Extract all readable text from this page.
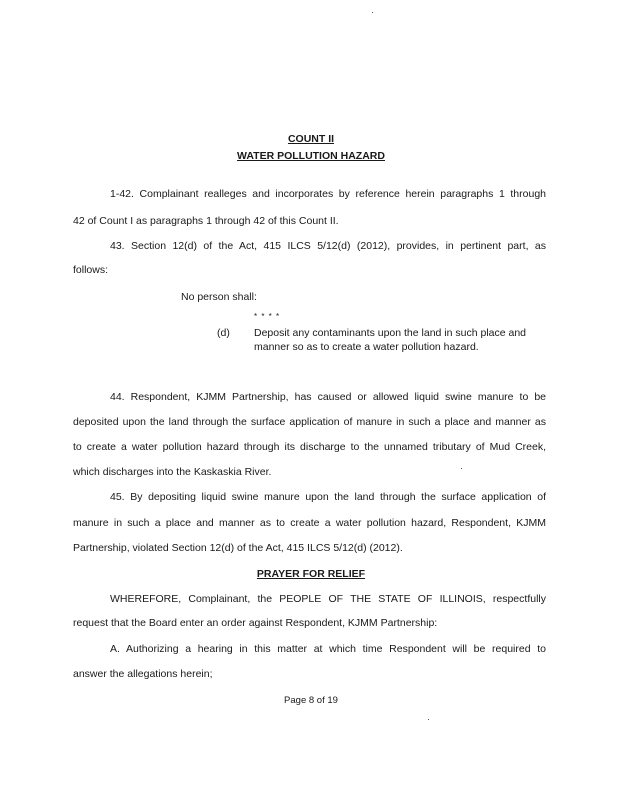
COUNT II
WATER POLLUTION HAZARD
1-42. Complainant realleges and incorporates by reference herein paragraphs 1 through
42 of Count I as paragraphs 1 through 42 of this Count II.
43. Section 12(d) of the Act, 415 ILCS 5/12(d) (2012), provides, in pertinent part, as
follows:
No person shall:
* * * *
(d) Deposit any contaminants upon the land in such place and
manner so as to create a water pollution hazard.
44. Respondent, KJMM Partnership, has caused or allowed liquid swine manure to be
deposited upon the land through the surface application of manure in such a place and manner as
to create a water pollution hazard through its discharge to the unnamed tributary of Mud Creek,
which discharges into the Kaskaskia River.
45. By depositing liquid swine manure upon the land through the surface application of
manure in such a place and manner as to create a water pollution hazard, Respondent, KJMM
Partnership, violated Section 12(d) of the Act, 415 ILCS 5/12(d) (2012).
PRAYER FOR RELIEF
WHEREFORE, Complainant, the PEOPLE OF THE STATE OF ILLINOIS, respectfully
request that the Board enter an order against Respondent, KJMM Partnership:
A. Authorizing a hearing in this matter at which time Respondent will be required to
answer the allegations herein;
Page 8 of 19
